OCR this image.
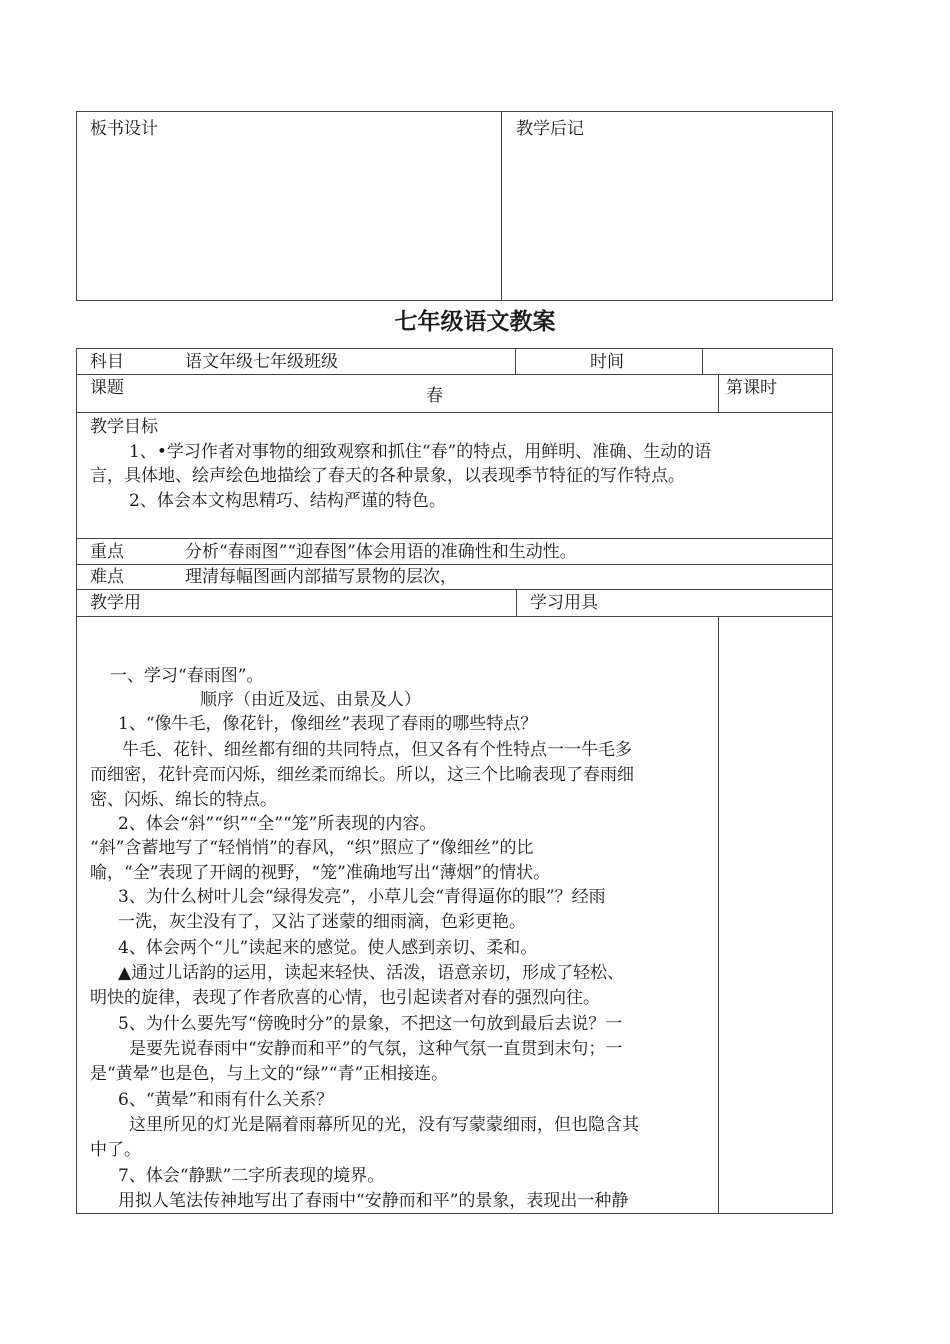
板书设计	教学后记
七年级语文教案
科目	语文年级七年级班级	时间
课题	春	第课时
教学目标
1、•学习作者对事物的细致观察和抓住“春”的特点，用鲜明、准确、生动的语
言，具体地、绘声绘色地描绘了春天的各种景象，以表现季节特征的写作特点。
2、体会本文构思精巧、结构严谨的特色。
重点	分析“春雨图”“迎春图”体会用语的准确性和生动性。
难点	理清每幅图画内部描写景物的层次，
教学用	学习用具
一、学习“春雨图”。
顺序（由近及远、由景及人）
1、“像牛毛，像花针，像细丝”表现了春雨的哪些特点？
牛毛、花针、细丝都有细的共同特点，但又各有个性特点一一牛毛多
而细密，花针亮而闪烁，细丝柔而绵长。所以，这三个比喻表现了春雨细
密、闪烁、绵长的特点。
2、体会“斜”“织”“全”“笼”所表现的内容。
“斜”含蓄地写了“轻悄悄”的春风，“织”照应了“像细丝”的比
喻，“全”表现了开阔的视野，“笼”准确地写出“薄烟”的情状。
3、为什么树叶儿会“绿得发亮”，小草儿会“青得逼你的眼”？经雨
一洗，灰尘没有了，又沾了迷蒙的细雨滴，色彩更艳。
4、体会两个“儿”读起来的感觉。使人感到亲切、柔和。
▲通过儿话韵的运用，读起来轻快、活泼，语意亲切，形成了轻松、
明快的旋律，表现了作者欣喜的心情，也引起读者对春的强烈向往。
5、为什么要先写“傍晚时分”的景象，不把这一句放到最后去说？一
是要先说春雨中“安静而和平”的气氛，这种气氛一直贯到末句；一
是“黄晕”也是色，与上文的“绿”“青”正相接连。
6、“黄晕”和雨有什么关系？
这里所见的灯光是隔着雨幕所见的光，没有写蒙蒙细雨，但也隐含其
中了。
7、体会“静默”二字所表现的境界。
用拟人笔法传神地写出了春雨中“安静而和平”的景象，表现出一种静
